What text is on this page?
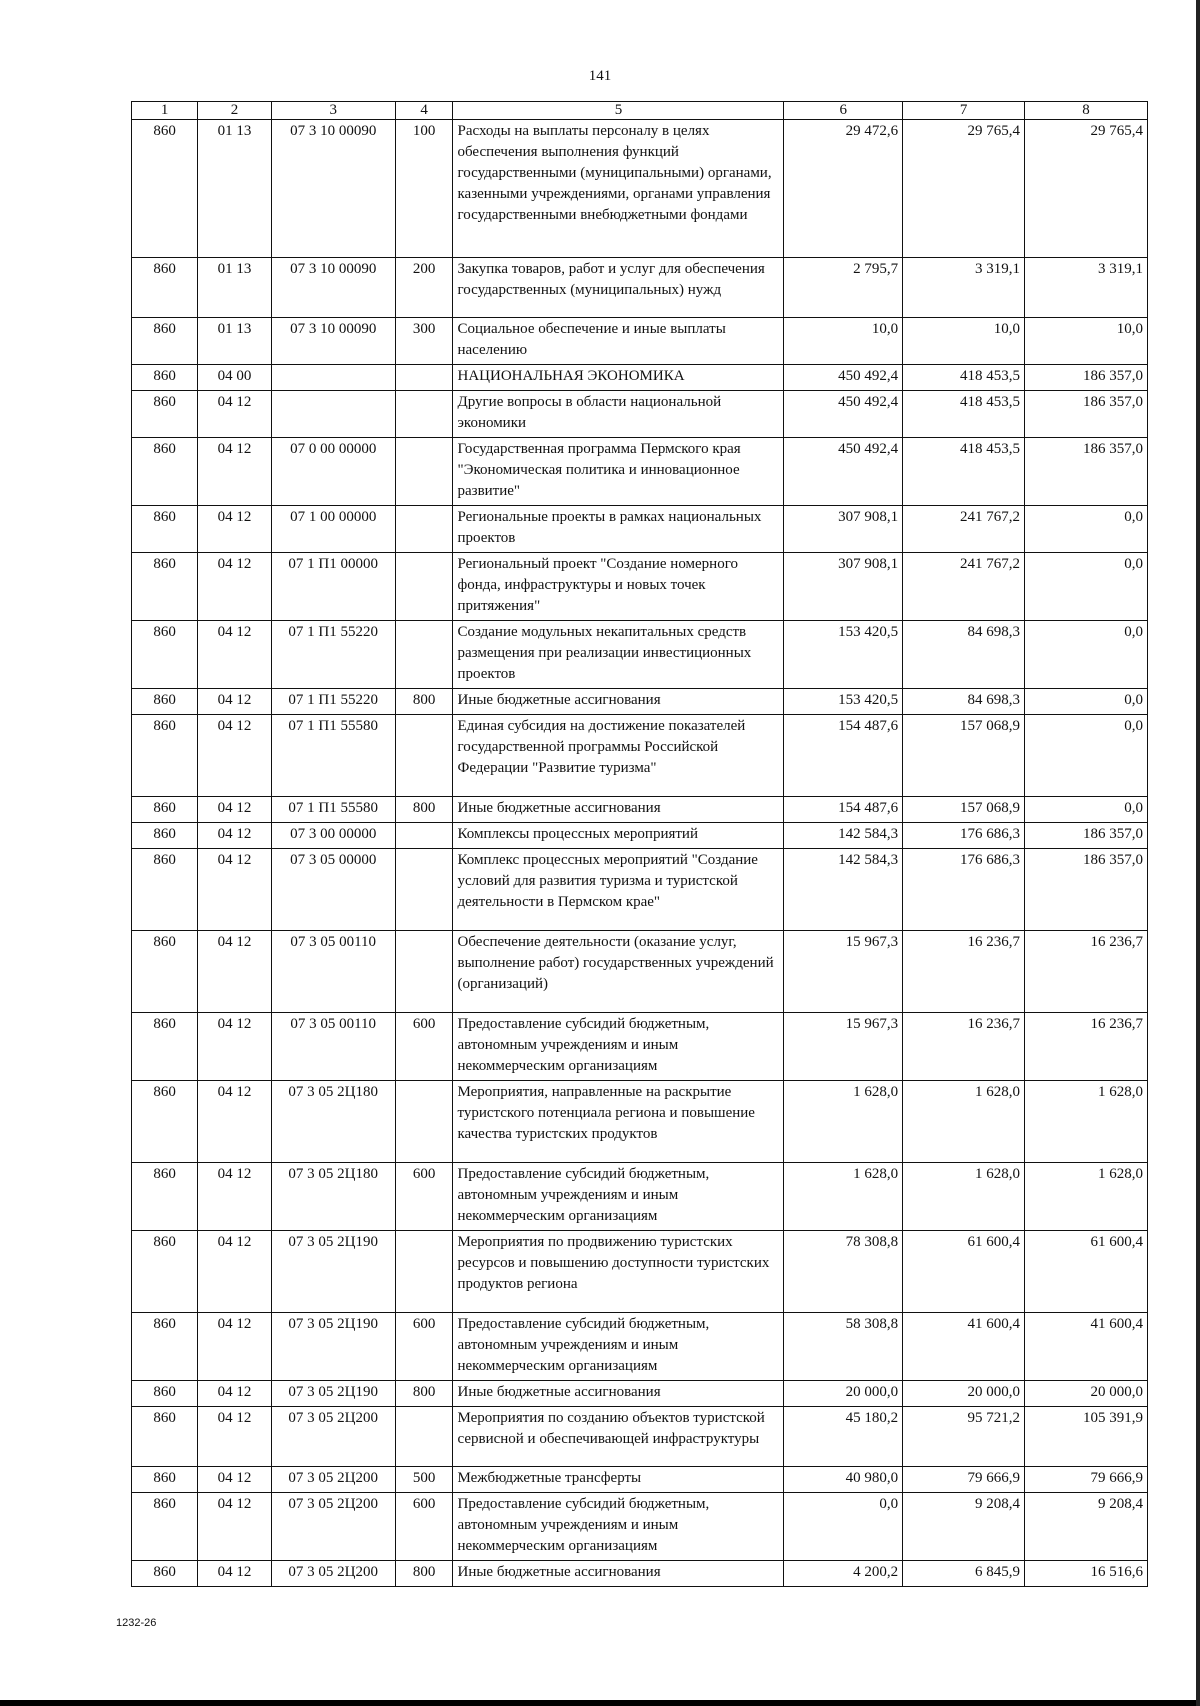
141
1	2	3	4	5	6	7	8
860	01 13	07 3 10 00090	100	Расходы на выплаты персоналу в целях обеспечения выполнения функций государственными (муниципальными) органами, казенными учреждениями, органами управления государственными внебюджетными фондами	29 472,6	29 765,4	29 765,4
860	01 13	07 3 10 00090	200	Закупка товаров, работ и услуг для обеспечения государственных (муниципальных) нужд	2 795,7	3 319,1	3 319,1
860	01 13	07 3 10 00090	300	Социальное обеспечение и иные выплаты населению	10,0	10,0	10,0
860	04 00			НАЦИОНАЛЬНАЯ ЭКОНОМИКА	450 492,4	418 453,5	186 357,0
860	04 12			Другие вопросы в области национальной экономики	450 492,4	418 453,5	186 357,0
860	04 12	07 0 00 00000		Государственная программа Пермского края "Экономическая политика и инновационное развитие"	450 492,4	418 453,5	186 357,0
860	04 12	07 1 00 00000		Региональные проекты в рамках национальных проектов	307 908,1	241 767,2	0,0
860	04 12	07 1 П1 00000		Региональный проект "Создание номерного фонда, инфраструктуры и новых точек притяжения"	307 908,1	241 767,2	0,0
860	04 12	07 1 П1 55220		Создание модульных некапитальных средств размещения при реализации инвестиционных проектов	153 420,5	84 698,3	0,0
860	04 12	07 1 П1 55220	800	Иные бюджетные ассигнования	153 420,5	84 698,3	0,0
860	04 12	07 1 П1 55580		Единая субсидия на достижение показателей государственной программы Российской Федерации "Развитие туризма"	154 487,6	157 068,9	0,0
860	04 12	07 1 П1 55580	800	Иные бюджетные ассигнования	154 487,6	157 068,9	0,0
860	04 12	07 3 00 00000		Комплексы процессных мероприятий	142 584,3	176 686,3	186 357,0
860	04 12	07 3 05 00000		Комплекс процессных мероприятий "Создание условий для развития туризма и туристской деятельности в Пермском крае"	142 584,3	176 686,3	186 357,0
860	04 12	07 3 05 00110		Обеспечение деятельности (оказание услуг, выполнение работ) государственных учреждений (организаций)	15 967,3	16 236,7	16 236,7
860	04 12	07 3 05 00110	600	Предоставление субсидий бюджетным, автономным учреждениям и иным некоммерческим организациям	15 967,3	16 236,7	16 236,7
860	04 12	07 3 05 2Ц180		Мероприятия, направленные на раскрытие туристского потенциала региона и повышение качества туристских продуктов	1 628,0	1 628,0	1 628,0
860	04 12	07 3 05 2Ц180	600	Предоставление субсидий бюджетным, автономным учреждениям и иным некоммерческим организациям	1 628,0	1 628,0	1 628,0
860	04 12	07 3 05 2Ц190		Мероприятия по продвижению туристских ресурсов и повышению доступности туристских продуктов региона	78 308,8	61 600,4	61 600,4
860	04 12	07 3 05 2Ц190	600	Предоставление субсидий бюджетным, автономным учреждениям и иным некоммерческим организациям	58 308,8	41 600,4	41 600,4
860	04 12	07 3 05 2Ц190	800	Иные бюджетные ассигнования	20 000,0	20 000,0	20 000,0
860	04 12	07 3 05 2Ц200		Мероприятия по созданию объектов туристской сервисной и обеспечивающей инфраструктуры	45 180,2	95 721,2	105 391,9
860	04 12	07 3 05 2Ц200	500	Межбюджетные трансферты	40 980,0	79 666,9	79 666,9
860	04 12	07 3 05 2Ц200	600	Предоставление субсидий бюджетным, автономным учреждениям и иным некоммерческим организациям	0,0	9 208,4	9 208,4
860	04 12	07 3 05 2Ц200	800	Иные бюджетные ассигнования	4 200,2	6 845,9	16 516,6
1232-26
